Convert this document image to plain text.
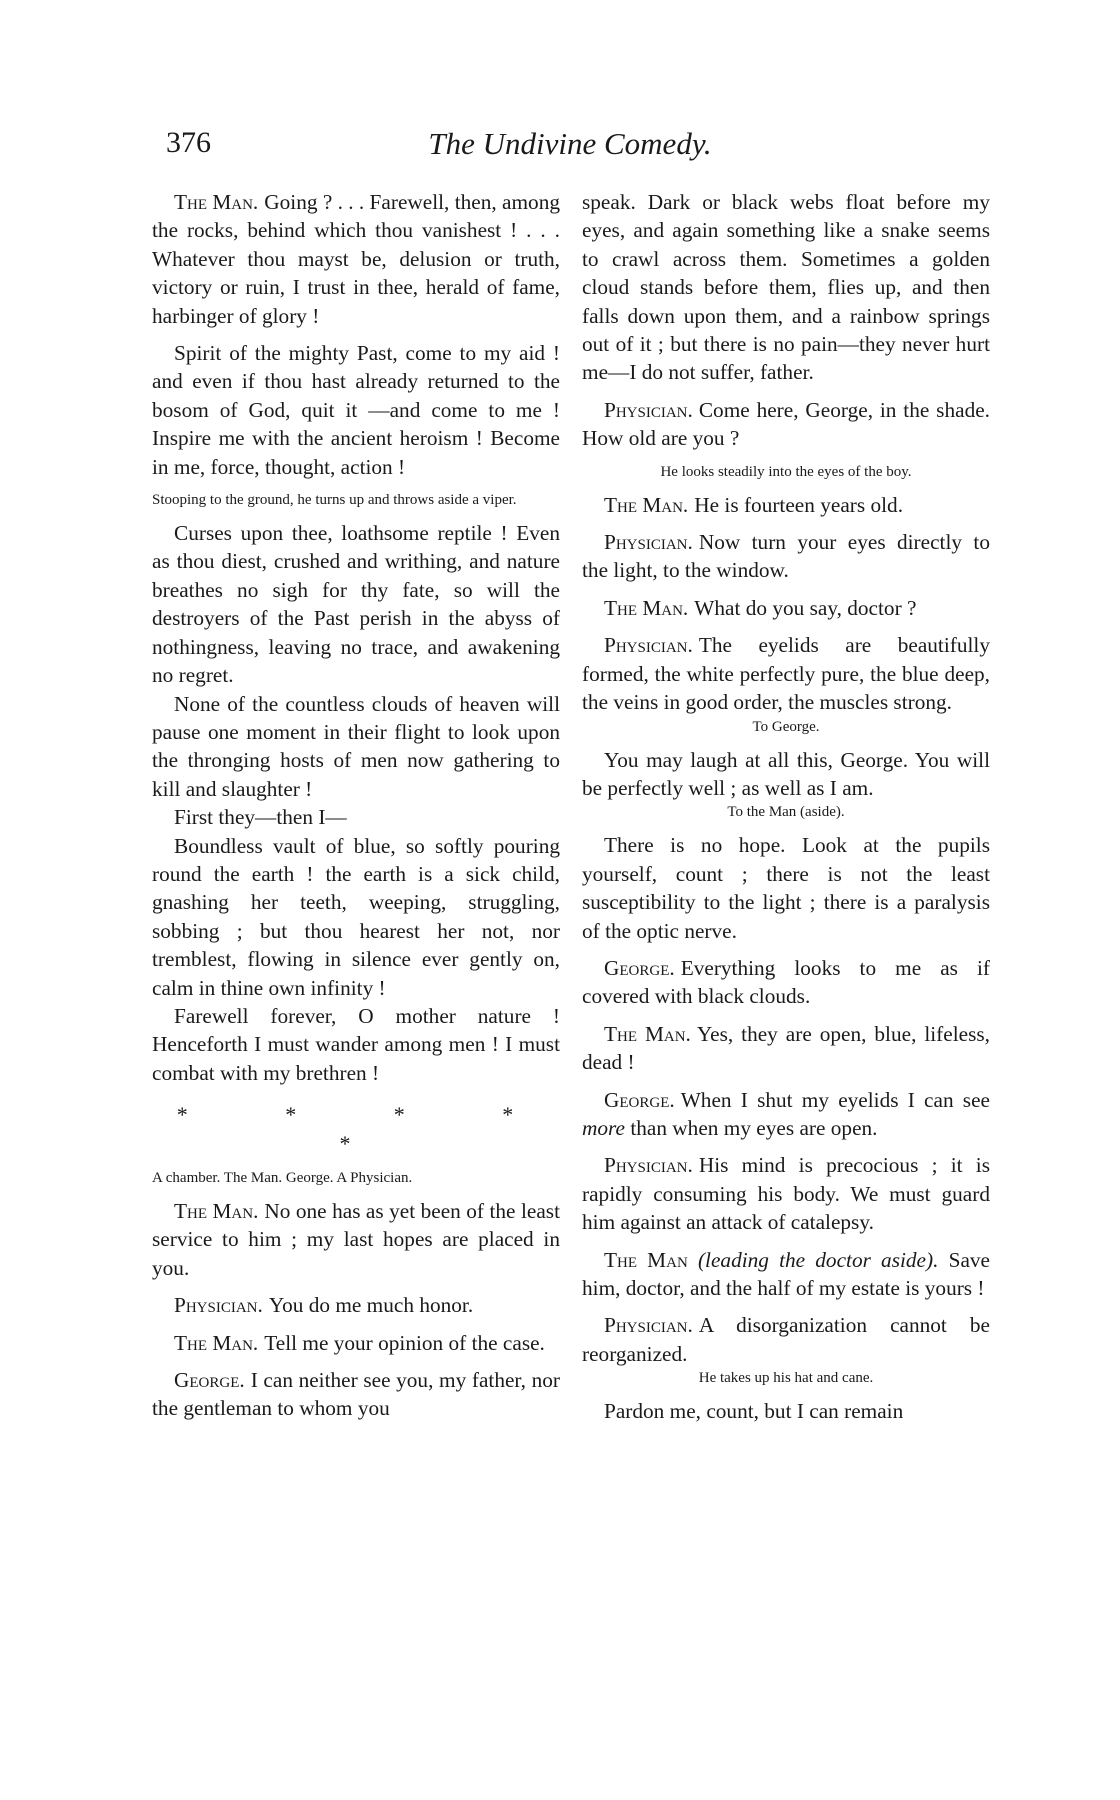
376	The Undivine Comedy.

The Man. Going ? . . . Farewell, then, among the rocks, behind which thou vanishest ! . . . Whatever thou mayst be, delusion or truth, victory or ruin, I trust in thee, herald of fame, harbinger of glory !

Spirit of the mighty Past, come to my aid ! and even if thou hast already returned to the bosom of God, quit it —and come to me ! Inspire me with the ancient heroism ! Become in me, force, thought, action !

Stooping to the ground, he turns up and throws aside a viper.

Curses upon thee, loathsome reptile ! Even as thou diest, crushed and writhing, and nature breathes no sigh for thy fate, so will the destroyers of the Past perish in the abyss of nothingness, leaving no trace, and awakening no regret.

None of the countless clouds of heaven will pause one moment in their flight to look upon the thronging hosts of men now gathering to kill and slaughter !

First they—then I—

Boundless vault of blue, so softly pouring round the earth ! the earth is a sick child, gnashing her teeth, weeping, struggling, sobbing ; but thou hearest her not, nor tremblest, flowing in silence ever gently on, calm in thine own infinity !

Farewell forever, O mother nature ! Henceforth I must wander among men ! I must combat with my brethren !

* * * * *

A chamber. The Man. George. A Physician.

The Man. No one has as yet been of the least service to him ; my last hopes are placed in you.

Physician. You do me much honor.

The Man. Tell me your opinion of the case.

George. I can neither see you, my father, nor the gentleman to whom you

speak. Dark or black webs float before my eyes, and again something like a snake seems to crawl across them. Sometimes a golden cloud stands before them, flies up, and then falls down upon them, and a rainbow springs out of it ; but there is no pain—they never hurt me—I do not suffer, father.

Physician. Come here, George, in the shade. How old are you ?

He looks steadily into the eyes of the boy.

The Man. He is fourteen years old.

Physician. Now turn your eyes directly to the light, to the window.

The Man. What do you say, doctor ?

Physician. The eyelids are beautifully formed, the white perfectly pure, the blue deep, the veins in good order, the muscles strong.

To George.

You may laugh at all this, George. You will be perfectly well ; as well as I am.

To the Man (aside).

There is no hope. Look at the pupils yourself, count ; there is not the least susceptibility to the light ; there is a paralysis of the optic nerve.

George. Everything looks to me as if covered with black clouds.

The Man. Yes, they are open, blue, lifeless, dead !

George. When I shut my eyelids I can see more than when my eyes are open.

Physician. His mind is precocious ; it is rapidly consuming his body. We must guard him against an attack of catalepsy.

The Man (leading the doctor aside). Save him, doctor, and the half of my estate is yours !

Physician. A disorganization cannot be reorganized.

He takes up his hat and cane.

Pardon me, count, but I can remain
